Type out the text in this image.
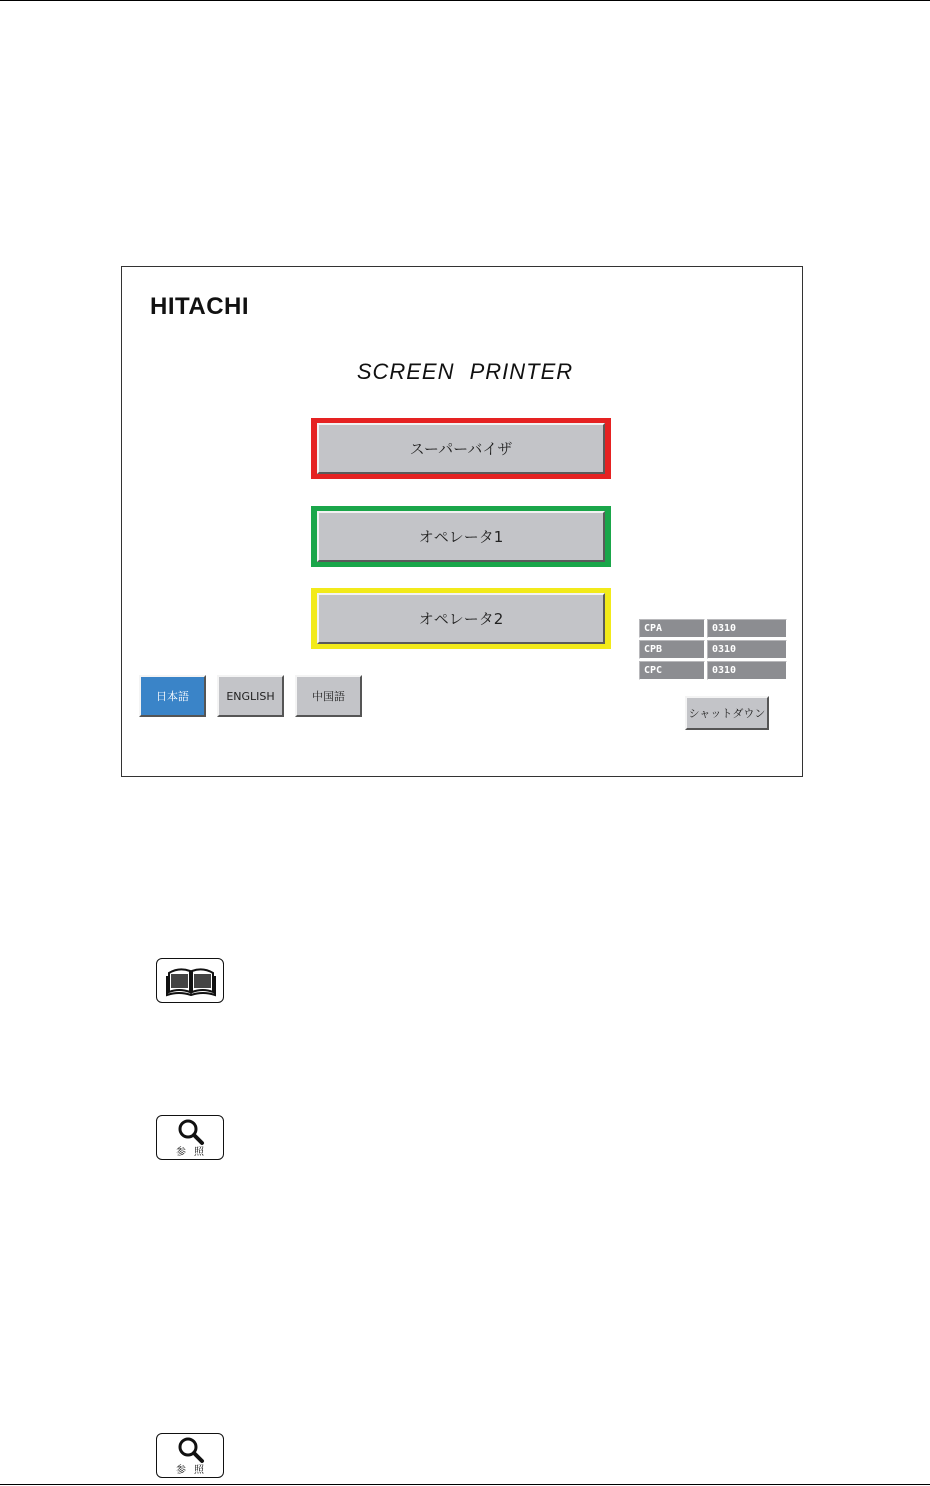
HITACHI
SCREEN PRINTER
スーパーバイザ
オペレータ1
オペレータ2
日本語	ENGLISH	中国語
CPA	0310
CPB	0310
CPC	0310
シャットダウン
参照
参照
